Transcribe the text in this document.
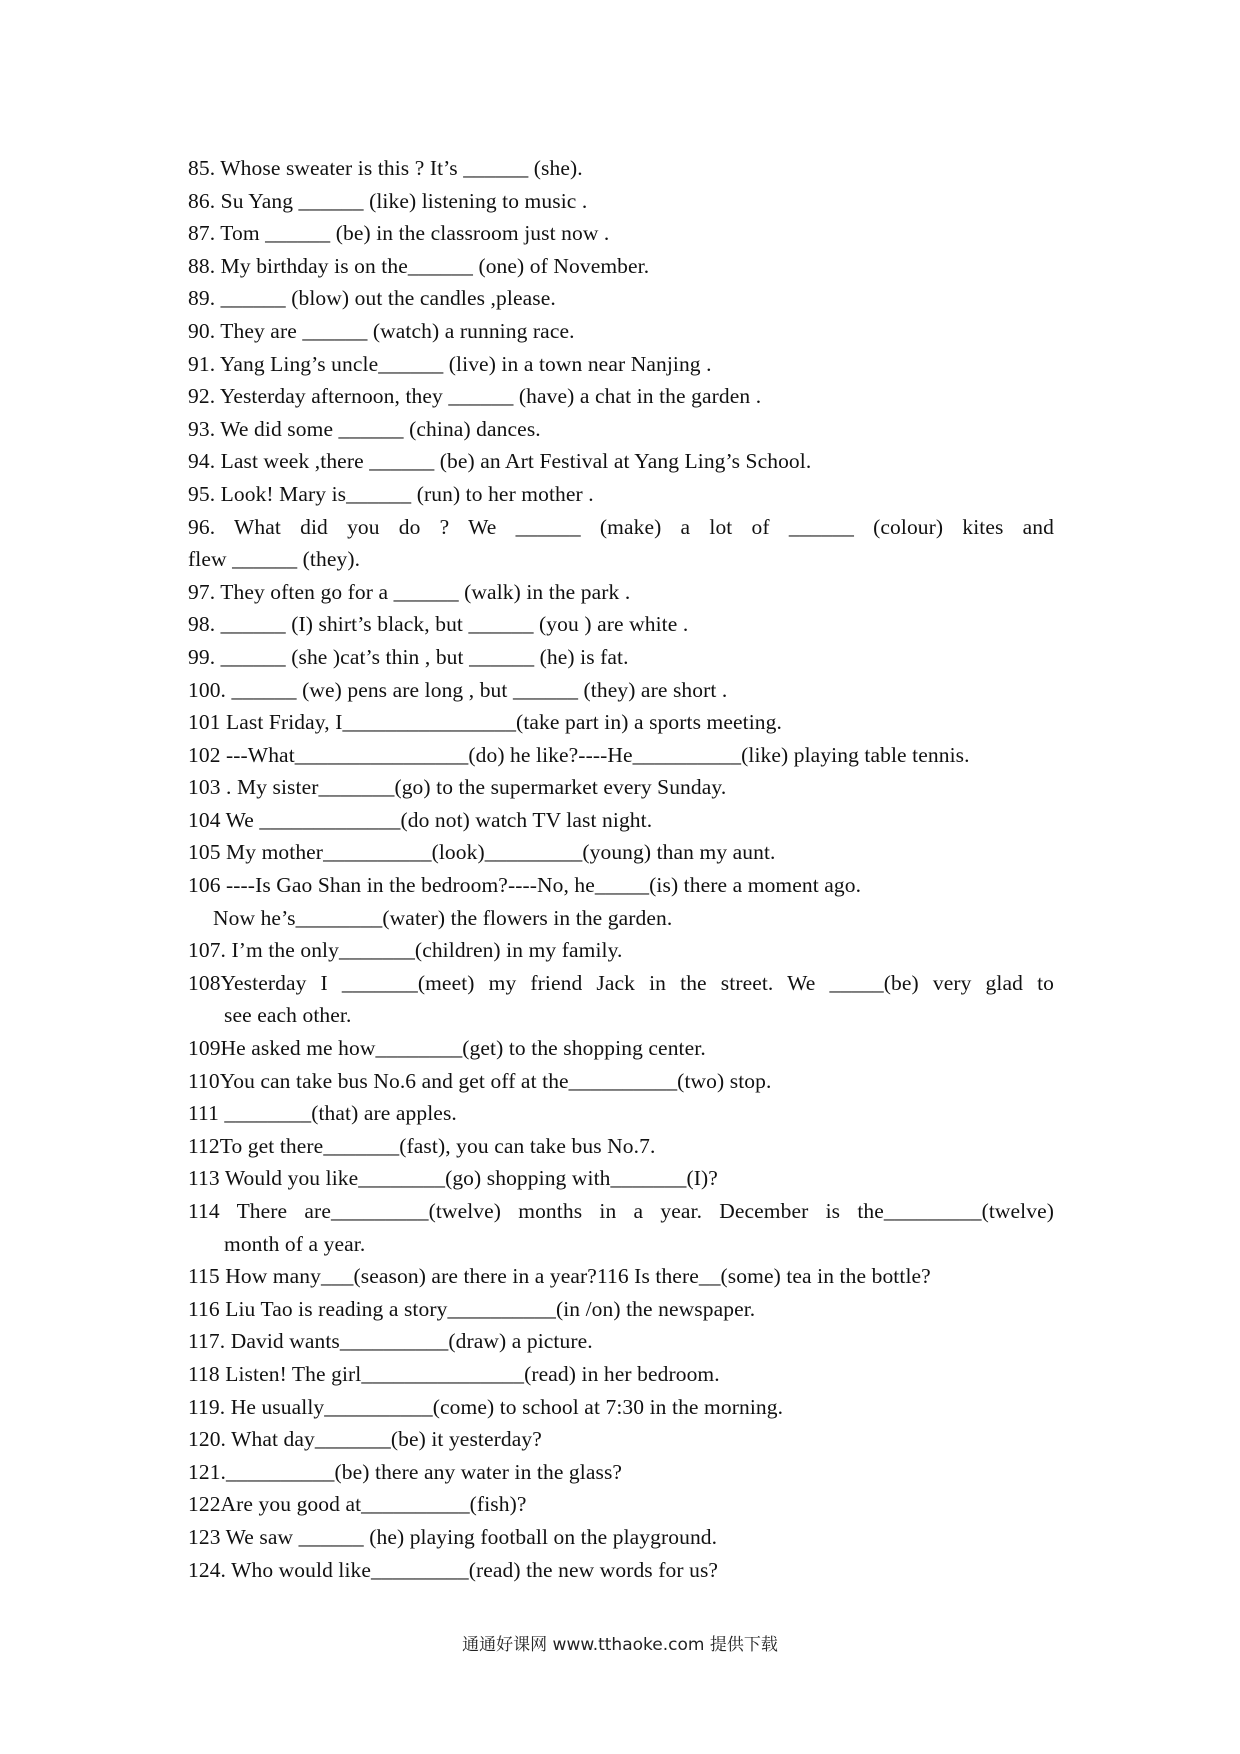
85. Whose sweater is this ? It’s ______ (she).
86. Su Yang ______ (like) listening to music .
87. Tom ______ (be) in the classroom just now .
88. My birthday is on the______ (one) of November.
89. ______ (blow) out the candles ,please.
90. They are ______ (watch) a running race.
91. Yang Ling’s uncle______ (live) in a town near Nanjing .
92. Yesterday afternoon, they ______ (have) a chat in the garden .
93. We did some ______ (china) dances.
94. Last week ,there ______ (be) an Art Festival at Yang Ling’s School.
95. Look! Mary is______ (run) to her mother .
96. What did you do ? We ______ (make) a lot of ______ (colour) kites and
flew ______ (they).
97. They often go for a ______ (walk) in the park .
98. ______ (I) shirt’s black, but ______ (you ) are white .
99. ______ (she )cat’s thin , but ______ (he) is fat.
100. ______ (we) pens are long , but ______ (they) are short .
101 Last Friday, I________________(take part in) a sports meeting.
102 ---What________________(do) he like?----He__________(like) playing table tennis.
103 . My sister_______(go) to the supermarket every Sunday.
104 We _____________(do not) watch TV last night.
105 My mother__________(look)_________(young) than my aunt.
106 ----Is Gao Shan in the bedroom?----No, he_____(is) there a moment ago.
Now he’s________(water) the flowers in the garden.
107. I’m the only_______(children) in my family.
108Yesterday I _______(meet) my friend Jack in the street. We _____(be) very glad to
see each other.
109He asked me how________(get) to the shopping center.
110You can take bus No.6 and get off at the__________(two) stop.
111 ________(that) are apples.
112To get there_______(fast), you can take bus No.7.
113 Would you like________(go) shopping with_______(I)?
114 There are_________(twelve) months in a year. December is the_________(twelve)
month of a year.
115 How many___(season) are there in a year?116 Is there__(some) tea in the bottle?
116 Liu Tao is reading a story__________(in /on) the newspaper.
117. David wants__________(draw) a picture.
118 Listen! The girl_______________(read) in her bedroom.
119. He usually__________(come) to school at 7:30 in the morning.
120. What day_______(be) it yesterday?
121.__________(be) there any water in the glass?
122Are you good at__________(fish)?
123 We saw ______ (he) playing football on the playground.
124. Who would like_________(read) the new words for us?
通通好课网 www.tthaoke.com 提供下载
